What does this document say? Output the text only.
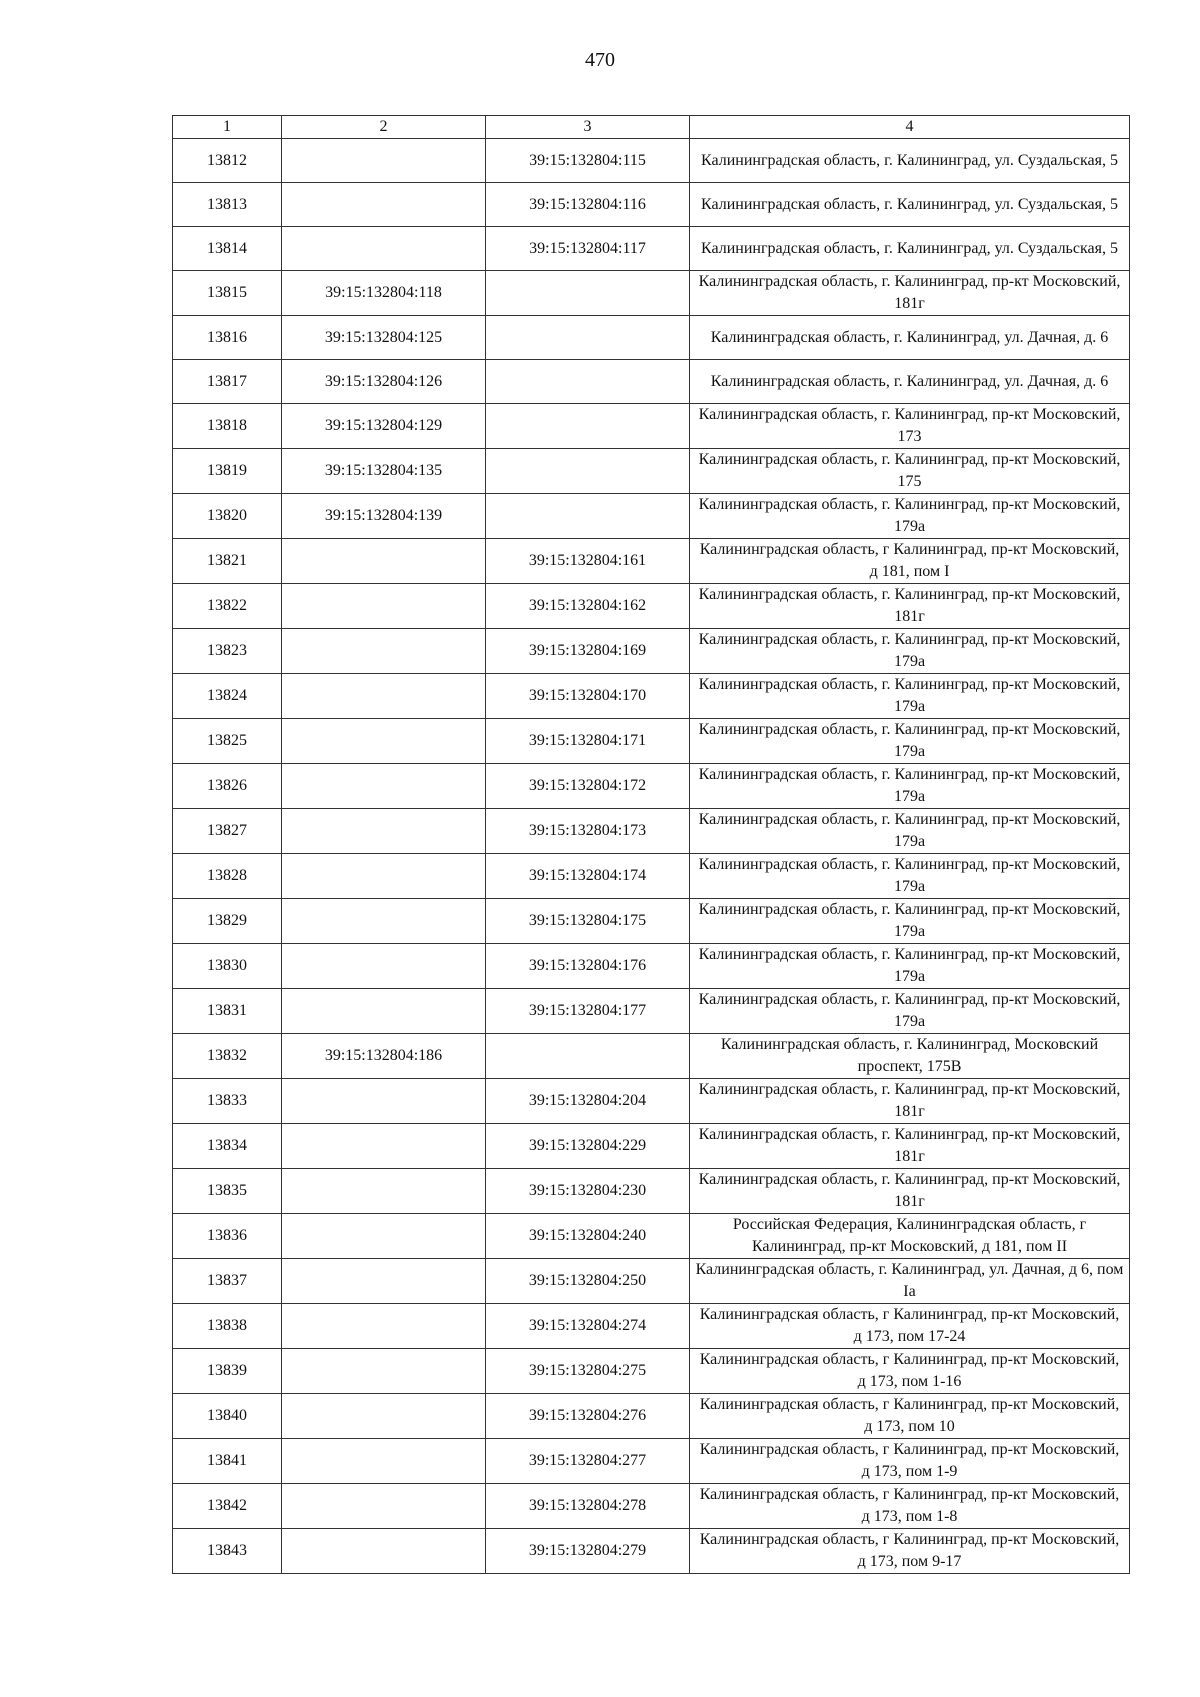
470
1	2	3	4
13812		39:15:132804:115	Калининградская область, г. Калининград, ул. Суздальская, 5
13813		39:15:132804:116	Калининградская область, г. Калининград, ул. Суздальская, 5
13814		39:15:132804:117	Калининградская область, г. Калининград, ул. Суздальская, 5
13815	39:15:132804:118		Калининградская область, г. Калининград, пр-кт Московский, 181г
13816	39:15:132804:125		Калининградская область, г. Калининград, ул. Дачная, д. 6
13817	39:15:132804:126		Калининградская область, г. Калининград, ул. Дачная, д. 6
13818	39:15:132804:129		Калининградская область, г. Калининград, пр-кт Московский, 173
13819	39:15:132804:135		Калининградская область, г. Калининград, пр-кт Московский, 175
13820	39:15:132804:139		Калининградская область, г. Калининград, пр-кт Московский, 179а
13821		39:15:132804:161	Калининградская область, г Калининград, пр-кт Московский, д 181, пом I
13822		39:15:132804:162	Калининградская область, г. Калининград, пр-кт Московский, 181г
13823		39:15:132804:169	Калининградская область, г. Калининград, пр-кт Московский, 179а
13824		39:15:132804:170	Калининградская область, г. Калининград, пр-кт Московский, 179а
13825		39:15:132804:171	Калининградская область, г. Калининград, пр-кт Московский, 179а
13826		39:15:132804:172	Калининградская область, г. Калининград, пр-кт Московский, 179а
13827		39:15:132804:173	Калининградская область, г. Калининград, пр-кт Московский, 179а
13828		39:15:132804:174	Калининградская область, г. Калининград, пр-кт Московский, 179а
13829		39:15:132804:175	Калининградская область, г. Калининград, пр-кт Московский, 179а
13830		39:15:132804:176	Калининградская область, г. Калининград, пр-кт Московский, 179а
13831		39:15:132804:177	Калининградская область, г. Калининград, пр-кт Московский, 179а
13832	39:15:132804:186		Калининградская область, г. Калининград, Московский проспект, 175В
13833		39:15:132804:204	Калининградская область, г. Калининград, пр-кт Московский, 181г
13834		39:15:132804:229	Калининградская область, г. Калининград, пр-кт Московский, 181г
13835		39:15:132804:230	Калининградская область, г. Калининград, пр-кт Московский, 181г
13836		39:15:132804:240	Российская Федерация, Калининградская область, г Калининград, пр-кт Московский, д 181, пом II
13837		39:15:132804:250	Калининградская область, г. Калининград, ул. Дачная, д 6, пом Iа
13838		39:15:132804:274	Калининградская область, г Калининград, пр-кт Московский, д 173, пом 17-24
13839		39:15:132804:275	Калининградская область, г Калининград, пр-кт Московский, д 173, пом 1-16
13840		39:15:132804:276	Калининградская область, г Калининград, пр-кт Московский, д 173, пом 10
13841		39:15:132804:277	Калининградская область, г Калининград, пр-кт Московский, д 173, пом 1-9
13842		39:15:132804:278	Калининградская область, г Калининград, пр-кт Московский, д 173, пом 1-8
13843		39:15:132804:279	Калининградская область, г Калининград, пр-кт Московский, д 173, пом 9-17
